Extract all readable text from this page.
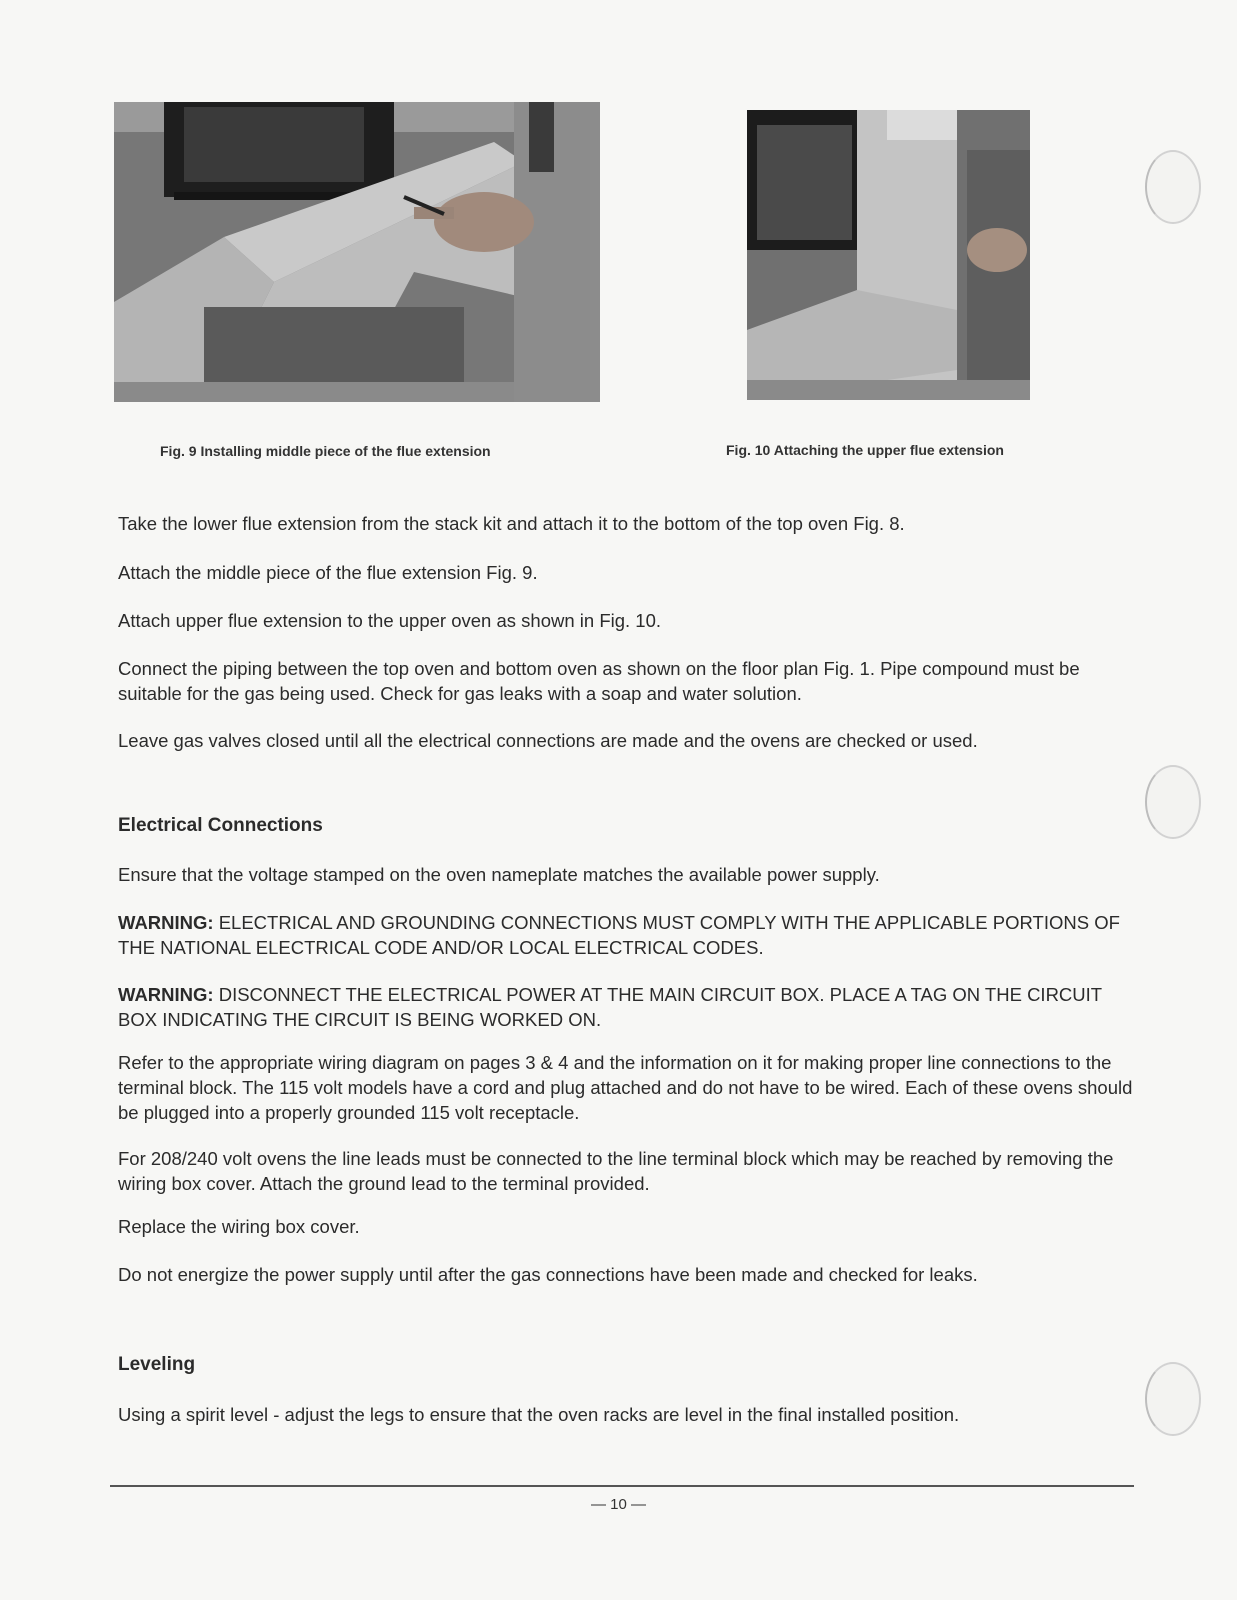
Fig. 9 Installing middle piece of the flue extension	Fig. 10 Attaching the upper flue extension
Take the lower flue extension from the stack kit and attach it to the bottom of the top oven Fig. 8.
Attach the middle piece of the flue extension Fig. 9.
Attach upper flue extension to the upper oven as shown in Fig. 10.
Connect the piping between the top oven and bottom oven as shown on the floor plan Fig. 1. Pipe compound must be suitable for the gas being used. Check for gas leaks with a soap and water solution.
Leave gas valves closed until all the electrical connections are made and the ovens are checked or used.
Electrical Connections
Ensure that the voltage stamped on the oven nameplate matches the available power supply.
WARNING: ELECTRICAL AND GROUNDING CONNECTIONS MUST COMPLY WITH THE APPLICABLE PORTIONS OF THE NATIONAL ELECTRICAL CODE AND/OR LOCAL ELECTRICAL CODES.
WARNING: DISCONNECT THE ELECTRICAL POWER AT THE MAIN CIRCUIT BOX. PLACE A TAG ON THE CIRCUIT BOX INDICATING THE CIRCUIT IS BEING WORKED ON.
Refer to the appropriate wiring diagram on pages 3 & 4 and the information on it for making proper line connections to the terminal block. The 115 volt models have a cord and plug attached and do not have to be wired. Each of these ovens should be plugged into a properly grounded 115 volt receptacle.
For 208/240 volt ovens the line leads must be connected to the line terminal block which may be reached by removing the wiring box cover. Attach the ground lead to the terminal provided.
Replace the wiring box cover.
Do not energize the power supply until after the gas connections have been made and checked for leaks.
Leveling
Using a spirit level - adjust the legs to ensure that the oven racks are level in the final installed position.
— 10 —
